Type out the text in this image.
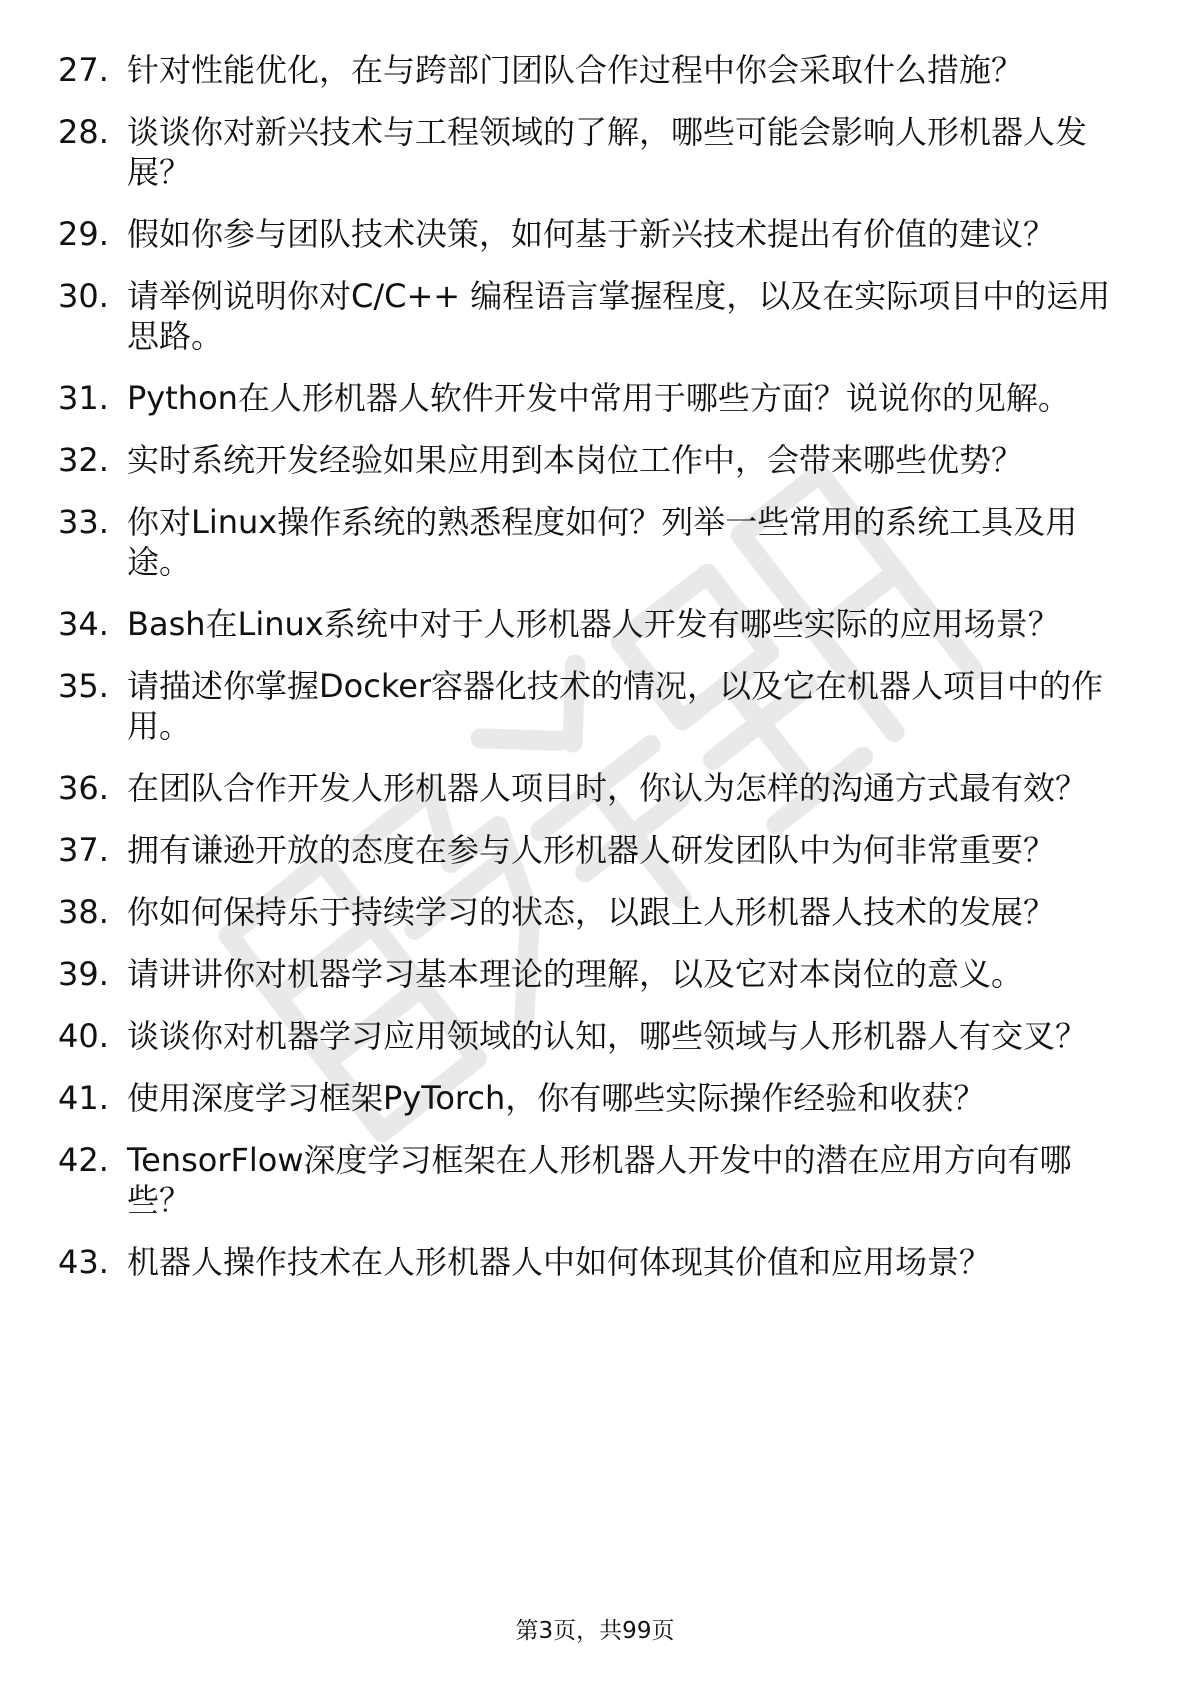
27. 针对性能优化，在与跨部门团队合作过程中你会采取什么措施？
28. 谈谈你对新兴技术与工程领域的了解，哪些可能会影响人形机器人发展？
29. 假如你参与团队技术决策，如何基于新兴技术提出有价值的建议？
30. 请举例说明你对C/C++ 编程语言掌握程度，以及在实际项目中的运用思路。
31. Python在人形机器人软件开发中常用于哪些方面？说说你的见解。
32. 实时系统开发经验如果应用到本岗位工作中，会带来哪些优势？
33. 你对Linux操作系统的熟悉程度如何？列举一些常用的系统工具及用途。
34. Bash在Linux系统中对于人形机器人开发有哪些实际的应用场景？
35. 请描述你掌握Docker容器化技术的情况，以及它在机器人项目中的作用。
36. 在团队合作开发人形机器人项目时，你认为怎样的沟通方式最有效？
37. 拥有谦逊开放的态度在参与人形机器人研发团队中为何非常重要？
38. 你如何保持乐于持续学习的状态，以跟上人形机器人技术的发展？
39. 请讲讲你对机器学习基本理论的理解，以及它对本岗位的意义。
40. 谈谈你对机器学习应用领域的认知，哪些领域与人形机器人有交叉？
41. 使用深度学习框架PyTorch，你有哪些实际操作经验和收获？
42. TensorFlow深度学习框架在人形机器人开发中的潜在应用方向有哪些？
43. 机器人操作技术在人形机器人中如何体现其价值和应用场景？
第3页，共99页
